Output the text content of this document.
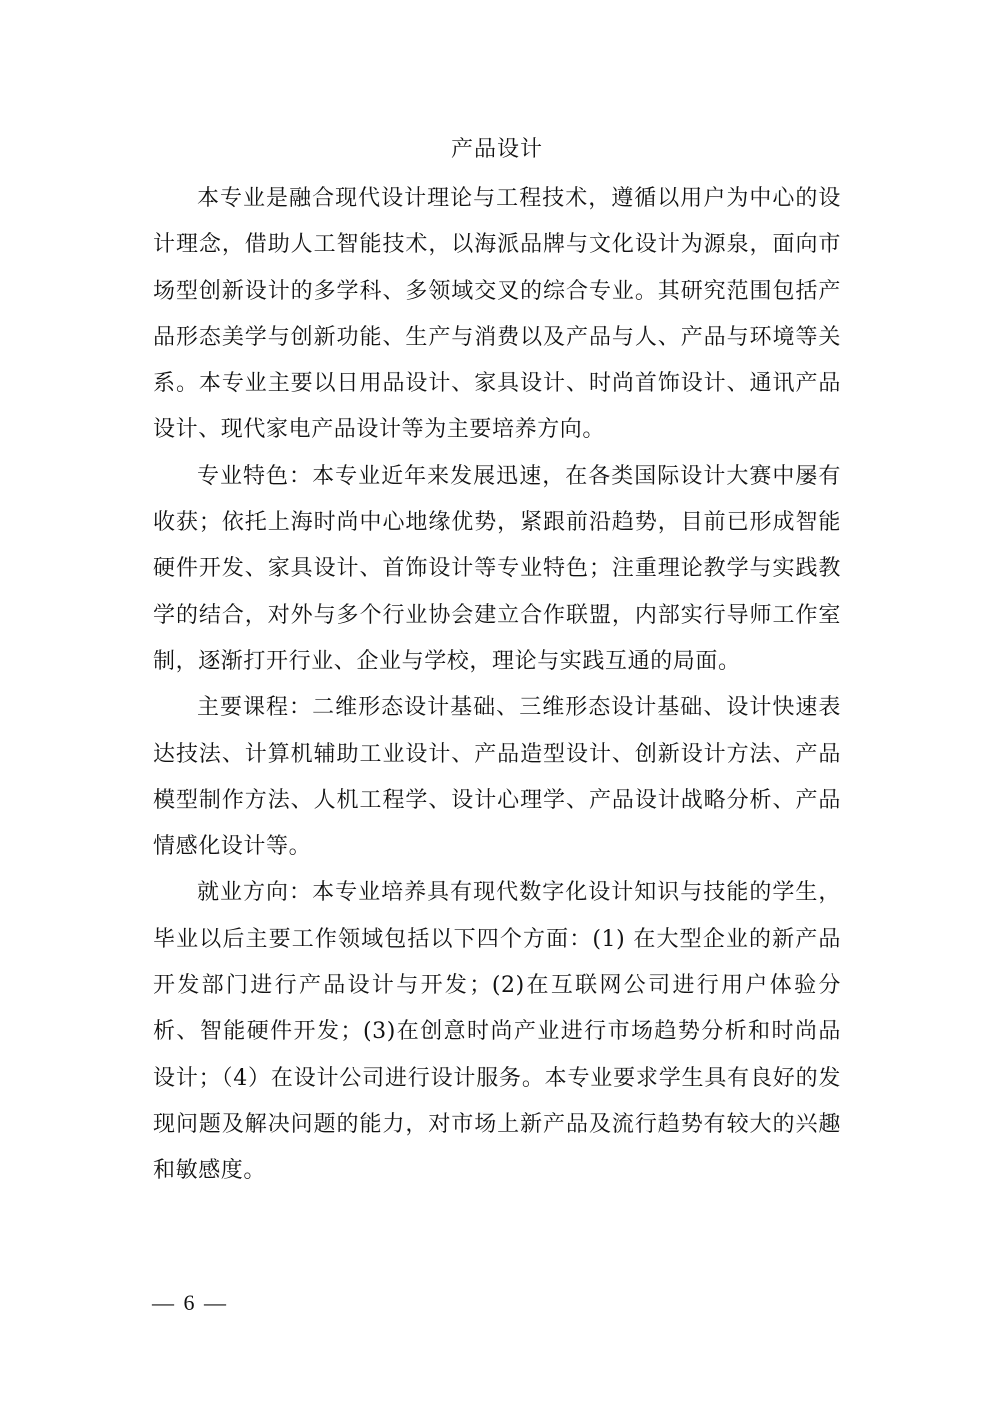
产品设计

本专业是融合现代设计理论与工程技术，遵循以用户为中心的设计理念，借助人工智能技术，以海派品牌与文化设计为源泉，面向市场型创新设计的多学科、多领域交叉的综合专业。其研究范围包括产品形态美学与创新功能、生产与消费以及产品与人、产品与环境等关系。本专业主要以日用品设计、家具设计、时尚首饰设计、通讯产品设计、现代家电产品设计等为主要培养方向。

专业特色：本专业近年来发展迅速，在各类国际设计大赛中屡有收获；依托上海时尚中心地缘优势，紧跟前沿趋势，目前已形成智能硬件开发、家具设计、首饰设计等专业特色；注重理论教学与实践教学的结合，对外与多个行业协会建立合作联盟，内部实行导师工作室制，逐渐打开行业、企业与学校，理论与实践互通的局面。

主要课程：二维形态设计基础、三维形态设计基础、设计快速表达技法、计算机辅助工业设计、产品造型设计、创新设计方法、产品模型制作方法、人机工程学、设计心理学、产品设计战略分析、产品情感化设计等。

就业方向：本专业培养具有现代数字化设计知识与技能的学生，毕业以后主要工作领域包括以下四个方面：(1) 在大型企业的新产品开发部门进行产品设计与开发；(2)在互联网公司进行用户体验分析、智能硬件开发；(3)在创意时尚产业进行市场趋势分析和时尚品设计；（4）在设计公司进行设计服务。本专业要求学生具有良好的发现问题及解决问题的能力，对市场上新产品及流行趋势有较大的兴趣和敏感度。

— 6 —
